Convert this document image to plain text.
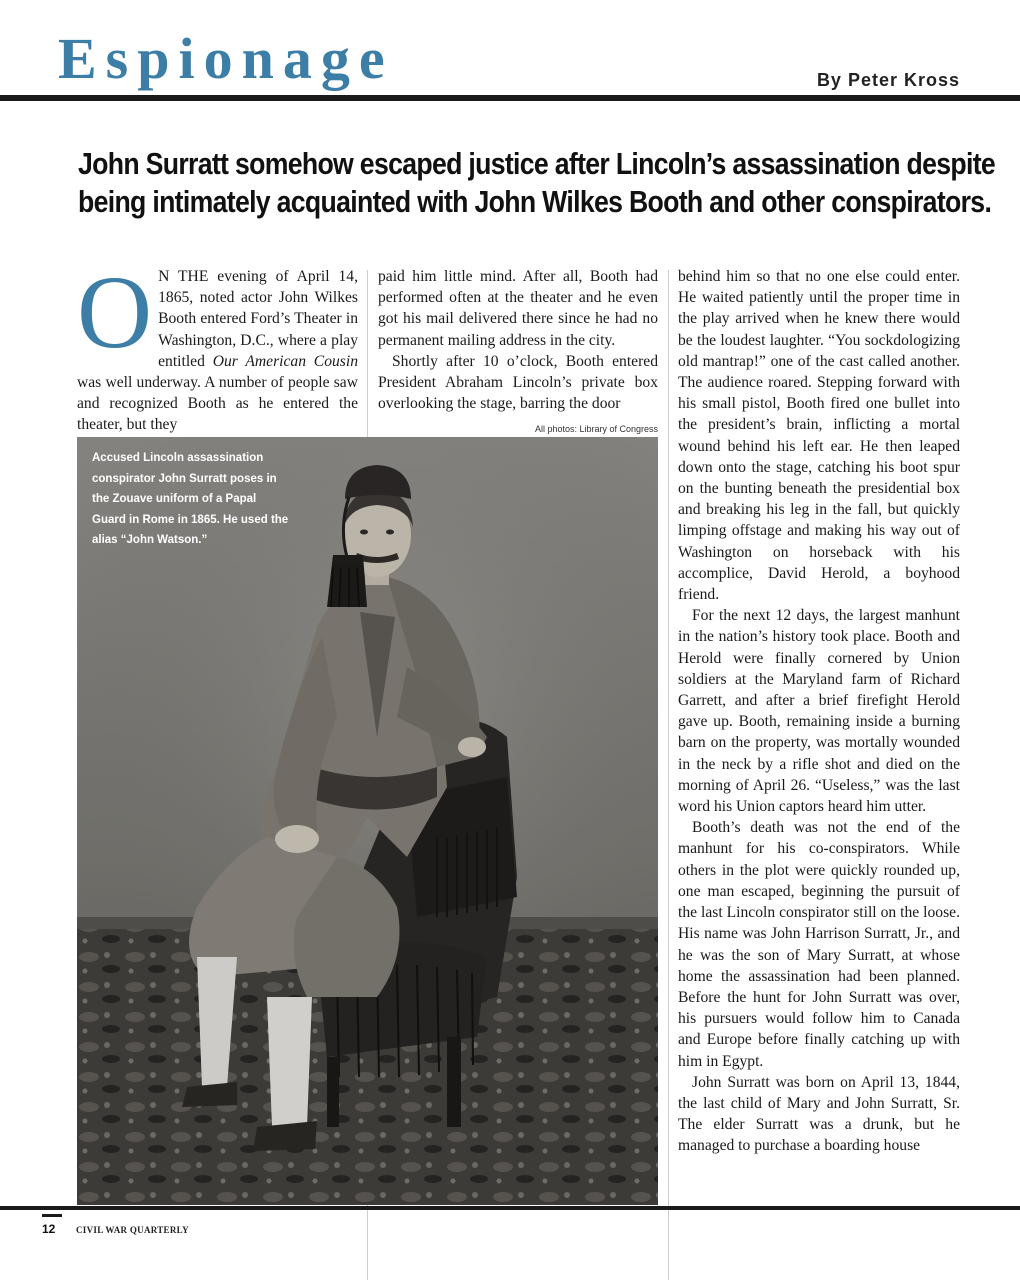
Espionage	By Peter Kross
John Surratt somehow escaped justice after Lincoln’s assassination despite
being intimately acquainted with John Wilkes Booth and other conspirators.

O N THE evening of April 14, 1865, noted actor John Wilkes Booth entered Ford’s Theater in Washington, D.C., where a play entitled Our American Cousin was well underway. A number of people saw and recognized Booth as he entered the theater, but they

paid him little mind. After all, Booth had performed often at the theater and he even got his mail delivered there since he had no permanent mailing address in the city.

Shortly after 10 o’clock, Booth entered President Abraham Lincoln’s private box overlooking the stage, barring the door

All photos: Library of Congress
Accused Lincoln assassination conspirator John Surratt poses in the Zouave uniform of a Papal Guard in Rome in 1865. He used the alias “John Watson.”

behind him so that no one else could enter. He waited patiently until the proper time in the play arrived when he knew there would be the loudest laughter. “You sockdologizing old mantrap!” one of the cast called another. The audience roared. Stepping forward with his small pistol, Booth fired one bullet into the president’s brain, inflicting a mortal wound behind his left ear. He then leaped down onto the stage, catching his boot spur on the bunting beneath the presidential box and breaking his leg in the fall, but quickly limping offstage and making his way out of Washington on horseback with his accomplice, David Herold, a boyhood friend.

For the next 12 days, the largest manhunt in the nation’s history took place. Booth and Herold were finally cornered by Union soldiers at the Maryland farm of Richard Garrett, and after a brief firefight Herold gave up. Booth, remaining inside a burning barn on the property, was mortally wounded in the neck by a rifle shot and died on the morning of April 26. “Useless,” was the last word his Union captors heard him utter.

Booth’s death was not the end of the manhunt for his co-conspirators. While others in the plot were quickly rounded up, one man escaped, beginning the pursuit of the last Lincoln conspirator still on the loose. His name was John Harrison Surratt, Jr., and he was the son of Mary Surratt, at whose home the assassination had been planned. Before the hunt for John Surratt was over, his pursuers would follow him to Canada and Europe before finally catching up with him in Egypt.

John Surratt was born on April 13, 1844, the last child of Mary and John Surratt, Sr. The elder Surratt was a drunk, but he managed to purchase a boarding house

12 CIVIL WAR QUARTERLY
